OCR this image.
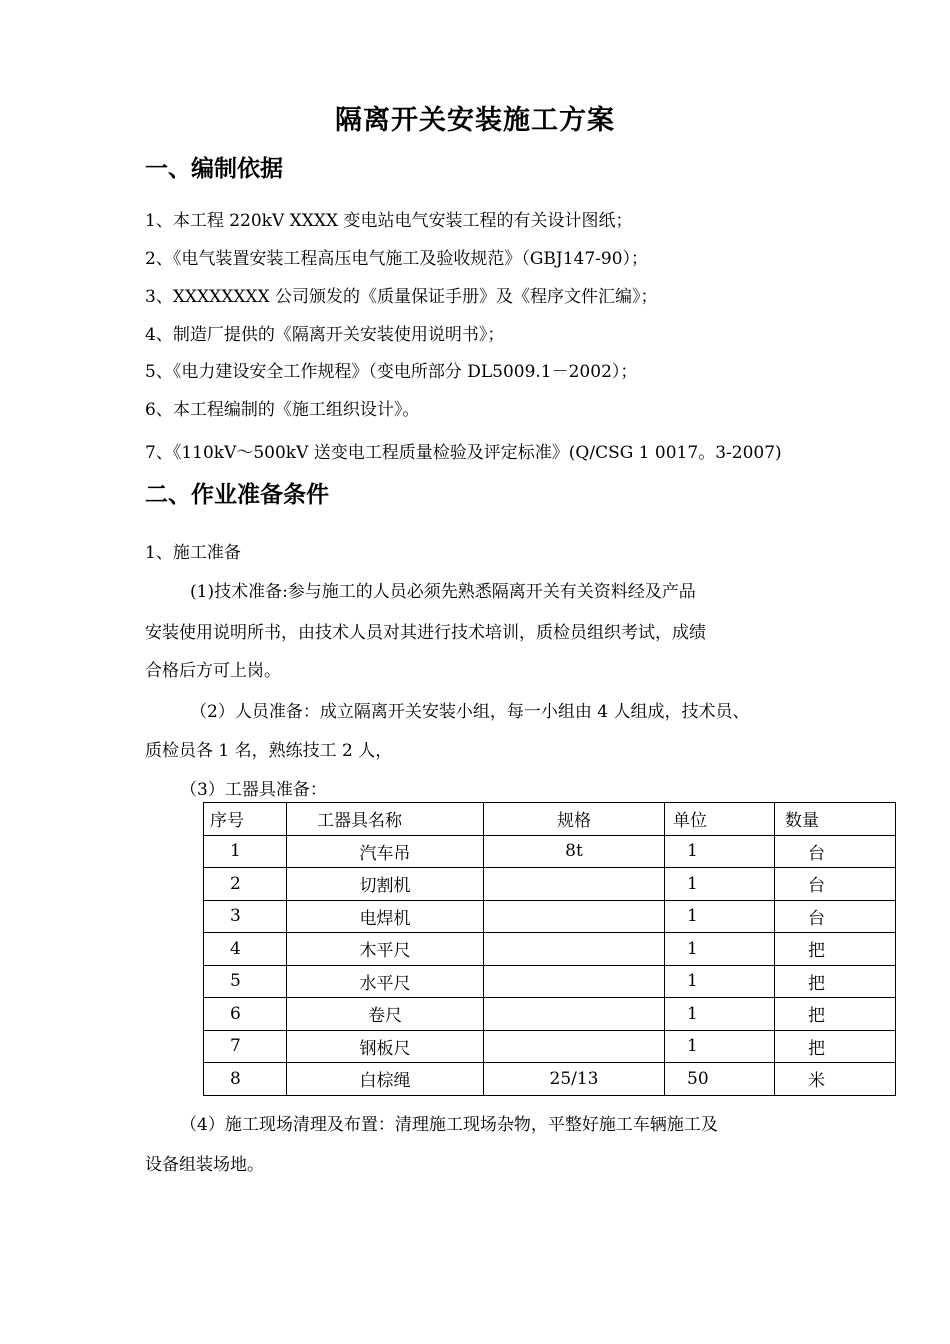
隔离开关安装施工方案
一、编制依据
1、本工程 220kV XXXX 变电站电气安装工程的有关设计图纸；
2、《电气装置安装工程高压电气施工及验收规范》（GBJ147-90）；
3、XXXXXXXX 公司颁发的《质量保证手册》及《程序文件汇编》；
4、制造厂提供的《隔离开关安装使用说明书》；
5、《电力建设安全工作规程》（变电所部分 DL5009.1－2002）；
6、本工程编制的《施工组织设计》。
7、《110kV～500kV 送变电工程质量检验及评定标准》(Q/CSG 1 0017。3-2007)
二、作业准备条件
1、施工准备
(1)技术准备:参与施工的人员必须先熟悉隔离开关有关资料经及产品
安装使用说明所书，由技术人员对其进行技术培训，质检员组织考试，成绩
合格后方可上岗。
（2）人员准备：成立隔离开关安装小组，每一小组由 4 人组成，技术员、
质检员各 1 名，熟练技工 2 人，
（3）工器具准备：
序号	工器具名称	规格	单位	数量
1	汽车吊	8t	1	台
2	切割机		1	台
3	电焊机		1	台
4	木平尺		1	把
5	水平尺		1	把
6	卷尺		1	把
7	钢板尺		1	把
8	白棕绳	25/13	50	米
（4）施工现场清理及布置：清理施工现场杂物，平整好施工车辆施工及
设备组装场地。
